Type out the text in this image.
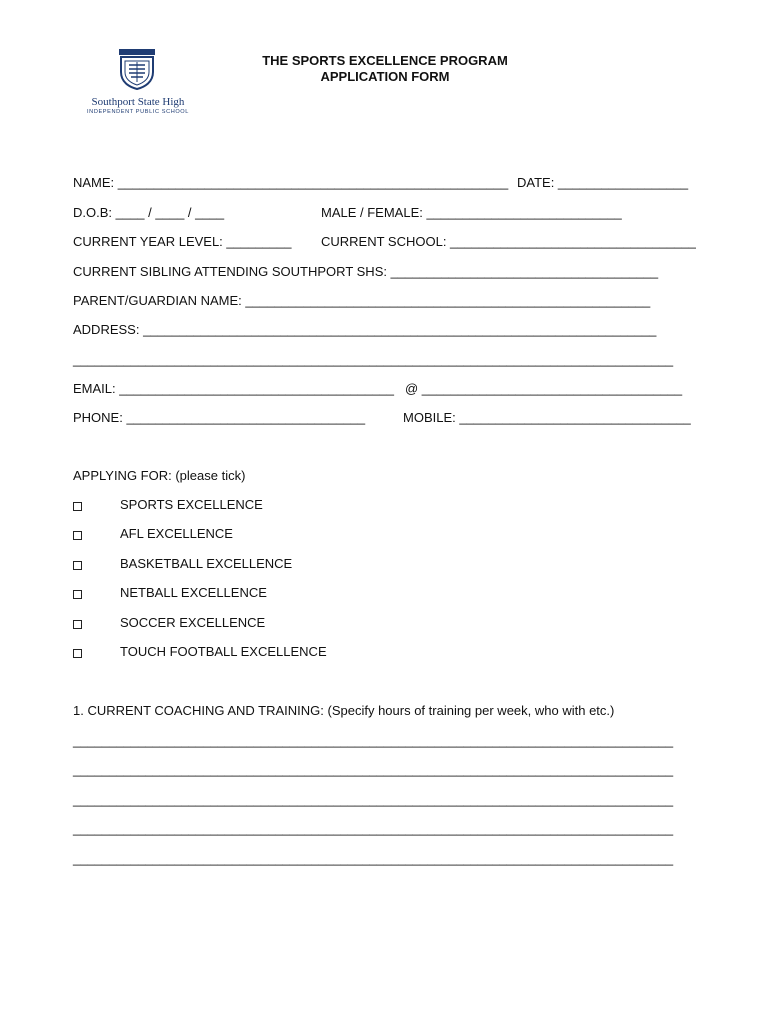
Southport State High
INDEPENDENT PUBLIC SCHOOL
THE SPORTS EXCELLENCE PROGRAM
APPLICATION FORM
NAME: ______________________________________________________ DATE: __________________
D.O.B: ____ / ____ / ____	MALE / FEMALE: ___________________________
CURRENT YEAR LEVEL: _________ CURRENT SCHOOL: __________________________________
CURRENT SIBLING ATTENDING SOUTHPORT SHS: _____________________________________
PARENT/GUARDIAN NAME: ________________________________________________________
ADDRESS: _______________________________________________________________________
___________________________________________________________________________________
EMAIL: ______________________________________ @ ____________________________________
PHONE: _________________________________	MOBILE: ________________________________
APPLYING FOR: (please tick)
SPORTS EXCELLENCE
AFL EXCELLENCE
BASKETBALL EXCELLENCE
NETBALL EXCELLENCE
SOCCER EXCELLENCE
TOUCH FOOTBALL EXCELLENCE
1. CURRENT COACHING AND TRAINING: (Specify hours of training per week, who with etc.)
___________________________________________________________________________________
___________________________________________________________________________________
___________________________________________________________________________________
___________________________________________________________________________________
___________________________________________________________________________________
